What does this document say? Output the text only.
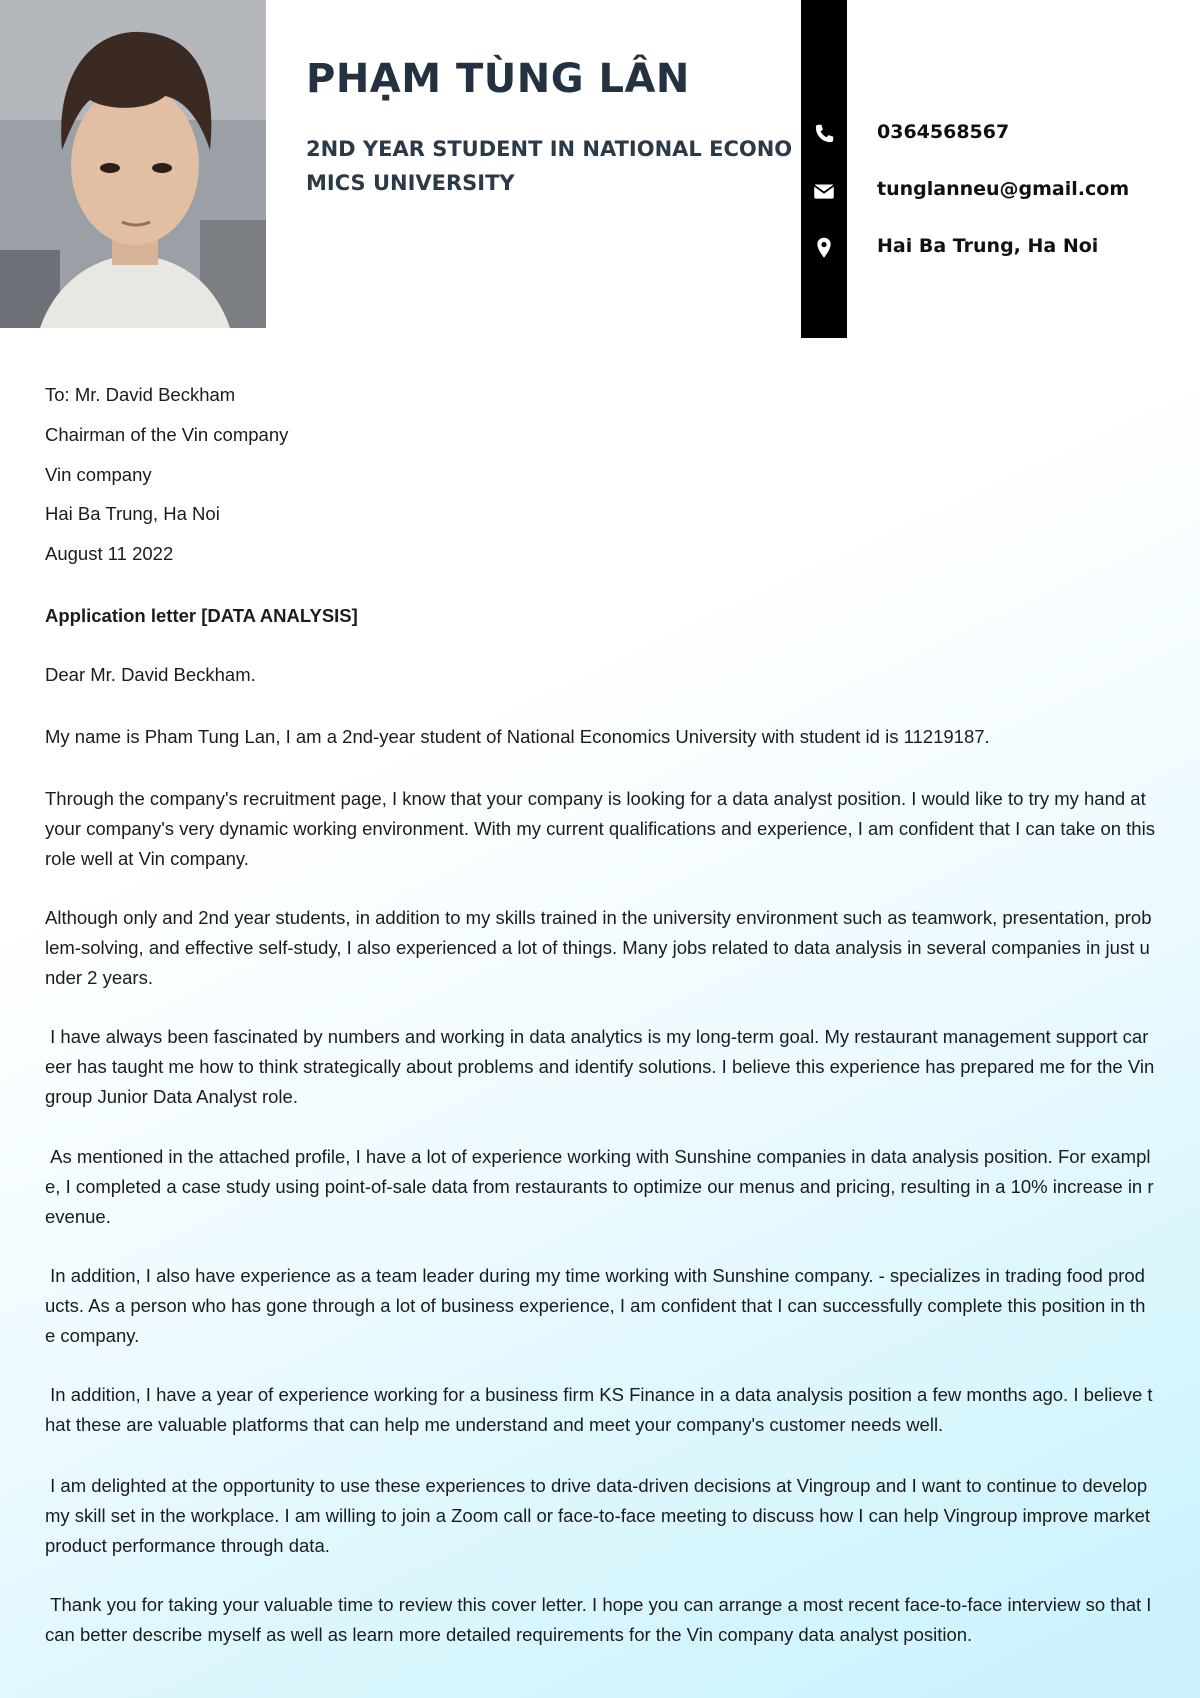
PHẠM TÙNG LÂN

2ND YEAR STUDENT IN NATIONAL ECONOMICS UNIVERSITY

0364568567
tunglanneu@gmail.com
Hai Ba Trung, Ha Noi
To: Mr. David Beckham
Chairman of the Vin company
Vin company
Hai Ba Trung, Ha Noi
August 11 2022
Application letter [DATA ANALYSIS]
Dear Mr. David Beckham.

My name is Pham Tung Lan, I am a 2nd-year student of National Economics University with student id is 11219187.

Through the company's recruitment page, I know that your company is looking for a data analyst position. I would like to try my hand at your company's very dynamic working environment. With my current qualifications and experience, I am confident that I can take on this role well at Vin company.

Although only and 2nd year students, in addition to my skills trained in the university environment such as teamwork, presentation, problem-solving, and effective self-study, I also experienced a lot of things. Many jobs related to data analysis in several companies in just under 2 years.

I have always been fascinated by numbers and working in data analytics is my long-term goal. My restaurant management support career has taught me how to think strategically about problems and identify solutions. I believe this experience has prepared me for the Vingroup Junior Data Analyst role.

As mentioned in the attached profile, I have a lot of experience working with Sunshine companies in data analysis position. For example, I completed a case study using point-of-sale data from restaurants to optimize our menus and pricing, resulting in a 10% increase in revenue.

In addition, I also have experience as a team leader during my time working with Sunshine company. - specializes in trading food products. As a person who has gone through a lot of business experience, I am confident that I can successfully complete this position in the company.

In addition, I have a year of experience working for a business firm KS Finance in a data analysis position a few months ago. I believe that these are valuable platforms that can help me understand and meet your company's customer needs well.

I am delighted at the opportunity to use these experiences to drive data-driven decisions at Vingroup and I want to continue to develop my skill set in the workplace. I am willing to join a Zoom call or face-to-face meeting to discuss how I can help Vingroup improve market product performance through data.

Thank you for taking your valuable time to review this cover letter. I hope you can arrange a most recent face-to-face interview so that I can better describe myself as well as learn more detailed requirements for the Vin company data analyst position.
